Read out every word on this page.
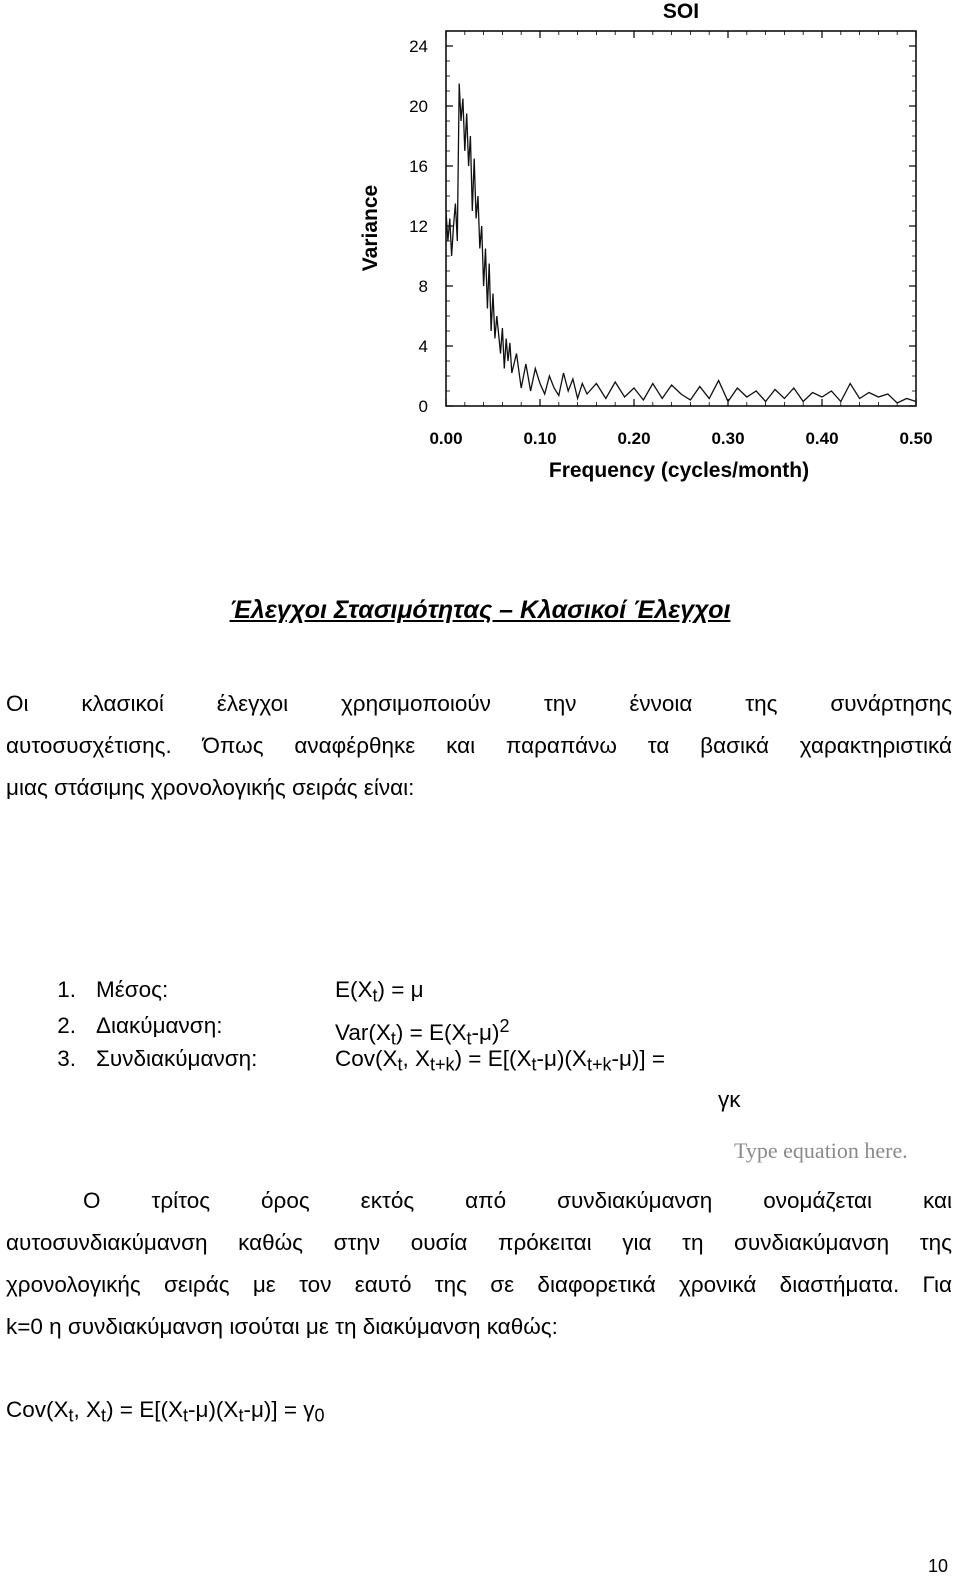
SOI
0
4
8
12
16
20
24
0.00	0.10	0.20	0.30	0.40	0.50
Frequency (cycles/month)
Variance
Έλεγχοι Στασιμότητας – Κλασικοί Έλεγχοι
Οι κλασικοί έλεγχοι χρησιμοποιούν την έννοια της συνάρτησης
αυτοσυσχέτισης. Όπως αναφέρθηκε και παραπάνω τα βασικά χαρακτηριστικά
μιας στάσιμης χρονολογικής σειράς είναι:
1. Μέσος:	$E(X_t) = \mu$
2. Διακύμανση:	$Var(X_t) = E(X_t-\mu)^2$
3. Συνδιακύμανση:	$Cov(X_t$, $X_{t+k}) = E[(X_t-\mu)(X_{t+k}-\mu)]$ =
γκ
Type equation here.
Ο τρίτος όρος εκτός από συνδιακύμανση ονομάζεται και
αυτοσυνδιακύμανση καθώς στην ουσία πρόκειται για τη συνδιακύμανση της
χρονολογικής σειράς με τον εαυτό της σε διαφορετικά χρονικά διαστήματα. Για
k=0 η συνδιακύμανση ισούται με τη διακύμανση καθώς:
$Cov(X_t$, $X_t) = E[(X_t-\mu)(X_t-\mu)] = \gamma_0$
10
